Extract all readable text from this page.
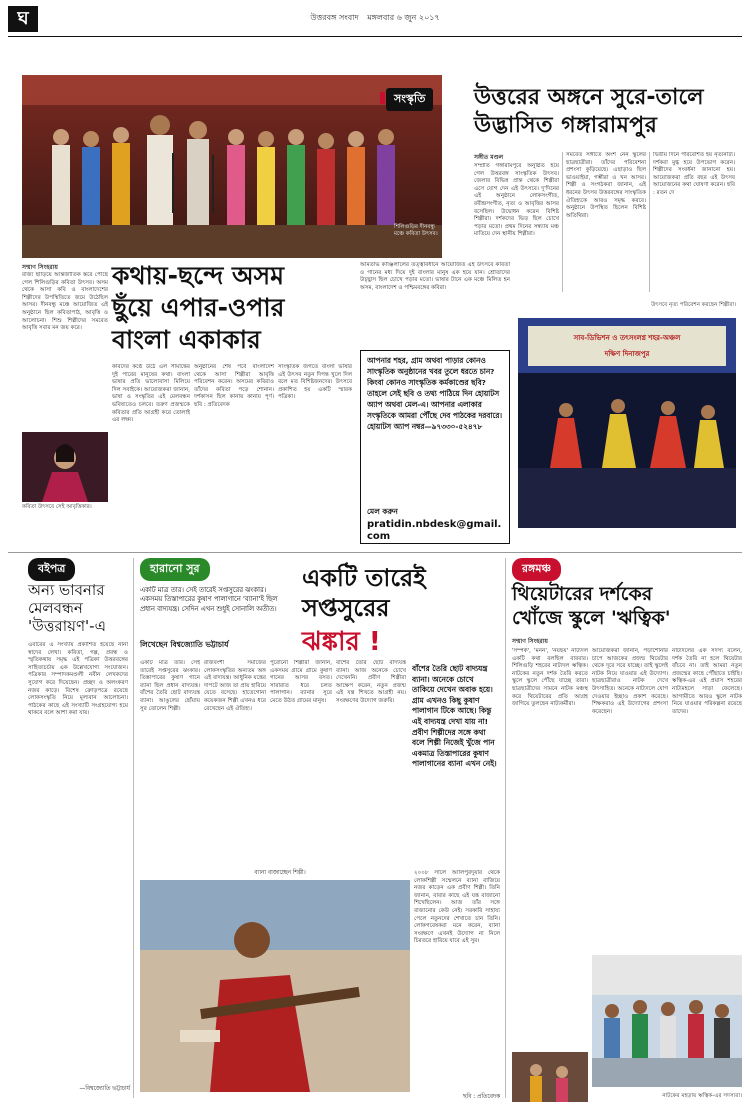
ঘ	উত্তরবঙ্গ সংবাদ মঙ্গলবার ৬ জুন ২০১৭
শিলিগুড়ির দীনবন্ধু মঞ্চে কবিতা উৎসব।
সংস্কৃতি	উত্তরের অঙ্গনে সুরে-তালে
উদ্ভাসিত গঙ্গারামপুর
সঙ্গীত মণ্ডল
সম্প্রতি গঙ্গারামপুরে অনুষ্ঠিত হয়ে গেল উত্তরবঙ্গ সাংস্কৃতিক উৎসব। জেলার বিভিন্ন প্রান্ত থেকে শিল্পীরা এসে যোগ দেন এই উৎসবে। দু'দিনের এই অনুষ্ঠানে লোকসংগীত, রবীন্দ্রসংগীত, নৃত্য ও আবৃত্তির আসর বসেছিল। উদ্বোধন করেন বিশিষ্ট শিল্পীরা। দর্শকদের ভিড় ছিল চোখে পড়ার মতো। প্রথম দিনের সন্ধ্যায় মঞ্চ মাতিয়ে দেন স্থানীয় শিল্পীরা।
সমবেত সঙ্গীতে অংশ নেন স্কুলের ছাত্রছাত্রীরা। তাঁদের পরিবেশনা প্রশংসা কুড়িয়েছে। এছাড়াও ছিল ভাওয়াইয়া, গম্ভীরা ও খন আসর। শিল্পী ও সংগঠকরা জানান, এই ধরনের উৎসব উত্তরবঙ্গের সাংস্কৃতিক ঐতিহ্যকে আরও সমৃদ্ধ করবে। অনুষ্ঠানে উপস্থিত ছিলেন বিশিষ্ট অতিথিরা।
দ্বিতীয় দিনে পরিবেশিত হয় নৃত্যনাট্য। দর্শকরা মুগ্ধ হয়ে উপভোগ করেন। শিল্পীদের সংবর্ধনা জানানো হয়। আয়োজকরা প্রতি বছর এই উৎসব আয়োজনের কথা ঘোষণা করেন। ছবি : রতন দে
সাব-ডিভিশন ও তৎসংলগ্ন শহর-অঞ্চল
দক্ষিণ দিনাজপুর
উৎসবে নৃত্য পরিবেশন করছেন শিল্পীরা।
সন্মাণ সিংহরায় কথায়-ছন্দে অসম
ছুঁয়ে এপার-ওপার
বাংলা একাকার
রাজ্য ছাড়িয়ে আন্তর্জাতিক স্তরে পৌঁছে গেল শিলিগুড়ির কবিতা উৎসব। অসম থেকে আসা কবি ও বাংলাদেশের শিল্পীদের উপস্থিতিতে জমে উঠেছিল আসর। দীনবন্ধু মঞ্চে আয়োজিত এই অনুষ্ঠানে ছিল কবিতাপাঠ, আবৃত্তি ও আলোচনা। শিশু শিল্পীদের সমবেত আবৃত্তি সবার মন জয় করে।
কবিতা উৎসবে সেই আবৃত্তিকার।
কবিদের কণ্ঠে উঠে এল সীমান্তের দুই পারের মানুষের কথা। বাংলা ভাষার প্রতি ভালোবাসা মিলিয়ে দিল সবাইকে। আয়োজকরা জানান, ভাষা ও সংস্কৃতির এই মেলবন্ধন ভবিষ্যতেও চলবে। তরুণ প্রজন্মকে কবিতার প্রতি আগ্রহী করে তোলাই এর লক্ষ্য।
অনুষ্ঠানের শেষ পর্বে বাংলাদেশ থেকে আসা শিল্পীরা আবৃত্তি পরিবেশন করেন। অসমের কবিরাও তাঁদের কবিতা পড়ে শোনান। দর্শকাসন ছিল কানায় কানায় পূর্ণ। ছবি : প্রতিবেদক
সাংস্কৃতিক জগতে বাংলা ভাষার এই উৎসব নতুন দিগন্ত খুলে দিল বলে মত বিশিষ্টজনদের। উৎসবে প্রকাশিত হয় একটি স্মারক পত্রিকা।
আপনার শহর, গ্রাম অথবা পাড়ার কোনও সাংস্কৃতিক অনুষ্ঠানের খবর তুলে ধরতে চান? কিংবা কোনও সাংস্কৃতিক কর্মকাণ্ডের ছবি? তাহলে সেই ছবি ও তথ্য পাঠিয়ে দিন হোয়াটস অ্যাপ অথবা মেল-এ। আপনার এলাকার সংস্কৃতিকে আমরা পৌঁছে দেব পাঠকের দরবারে। হোয়াটস অ্যাপ নম্বর—৯৭৩৩০-৫২৪৭৮
মেল করুন
pratidin.nbdesk@gmail.com
অমিতাভ কাঞ্জিলালের তত্ত্বাবধানে আয়োজিত এই উৎসবে কবিতা ও গানের মধ্য দিয়ে দুই বাংলার মানুষ এক হয়ে যান। শ্রোতাদের উচ্ছ্বাস ছিল চোখে পড়ার মতো। ভাষার টানে এক মঞ্চে মিলিত হন অসম, বাংলাদেশ ও পশ্চিমবঙ্গের কবিরা।
বইপত্র
অন্য ভাবনার
মেলবন্ধন
'উত্তরায়ণ'-এ
এবারের এ সংখ্যায় প্রকাশিত হয়েছে নানা স্বাদের লেখা। কবিতা, গল্প, প্রবন্ধ ও স্মৃতিকথায় সমৃদ্ধ এই পত্রিকা উত্তরবঙ্গের সাহিত্যচর্চায় এক উল্লেখযোগ্য সংযোজন। পত্রিকার সম্পাদকমণ্ডলী নবীন লেখকদের সুযোগ করে দিয়েছেন। প্রচ্ছদ ও অলংকরণ নজর কাড়ে। বিশেষ ক্রোড়পত্রে রয়েছে লোকসংস্কৃতি নিয়ে মূল্যবান আলোচনা। পাঠকের কাছে এই সংখ্যাটি সংগ্রহযোগ্য হয়ে থাকবে বলে আশা করা যায়।
—বিশ্বজ্যোতি ভট্টাচার্য
হারানো সুর
একটি মাত্র তার। সেই তারেই সপ্তসুরের ঝংকার। একসময় তিস্তাপারের কুষাণ পালাগানে 'ব্যানা'ই ছিল প্রধান বাদ্যযন্ত্র। সেদিন এখন শুধুই সোনালি অতীত।
লিখেছেন বিশ্বজ্যোতি ভট্টাচার্য
একটি তারেই
সপ্তসুরের
ঝঙ্কার !
একটি মাত্র তার। সেই তারেই সপ্তসুরের ঝংকার। তিস্তাপারের কুষাণ গানে ব্যানা ছিল প্রধান বাদ্যযন্ত্র। বাঁশের তৈরি ছোট বাদ্যযন্ত্র ব্যানা। আঙুলের ছোঁয়ায় সুর তোলেন শিল্পী।
রাজবংশী সমাজের লোকসংস্কৃতির অন্যতম অঙ্গ এই বাদ্যযন্ত্র। আধুনিক যন্ত্রের দাপটে আজ তা প্রায় হারিয়ে যেতে বসেছে। হাতেগোনা কয়েকজন শিল্পী এখনও ধরে রেখেছেন এই ঐতিহ্য।
পুরোনো শিল্পীরা জানান, একসময় গ্রামে গ্রামে কুষাণ গানের আসর বসত। সারারাত ধরে চলত পালাগান। ব্যানার সুরে মেতে উঠত গ্রামের মানুষ।
বাঁশের তৈরি ছোট বাদ্যযন্ত্র ব্যানা। আজ অনেকে চোখে দেখেননি। প্রবীণ শিল্পীরা আক্ষেপ করেন, নতুন প্রজন্ম এই যন্ত্র শিখতে আগ্রহী নয়। সংরক্ষণের উদ্যোগ জরুরি।
বাঁশের তৈরি ছোট বাদ্যযন্ত্র ব্যানা। অনেকে চোখে তাকিয়ে দেখেন অবাক হয়ে। গ্রাম এখনও কিছু কুষাণ পালাগান টিকে আছে। কিন্তু এই বাদ্যযন্ত্র দেখা যায় না! প্রবীণ শিল্পীদের সঙ্গে কথা বলে শিল্পী নিজেই খুঁজে পান একমাত্র তিস্তাপারের কুষাণ পালাগানের ব্যানা এখন নেই।
ব্যানা বাজাচ্ছেন শিল্পী।	২০০৮ সালে আলিপুরদুয়ার থেকে লোকশিল্পী সম্মেলনে ব্যানা বাজিয়ে নজর কাড়েন এক প্রবীণ শিল্পী। তিনি জানান, বাবার কাছে এই যন্ত্র বাজানো শিখেছিলেন। আজ তাঁর সঙ্গে বাজানোর কেউ নেই। সরকারি সাহায্য পেলে নতুনদের শেখাতে চান তিনি। লোকগবেষকরা মনে করেন, ব্যানা সংরক্ষণে এখনই উদ্যোগ না নিলে চিরতরে হারিয়ে যাবে এই সুর।
ছবি : প্রতিবেদক
রঙ্গমঞ্চ
থিয়েটারের দর্শকের
খোঁজে স্কুলে 'ঋত্বিক'
সন্মাণ সিংহরায়
'সম্পর্ক', 'মনন', 'নয়ছয়' নাট্যদল একটি কথা বলছিল বারবার। শিলিগুড়ি শহরের নাট্যদল ঋত্বিক। নাটকের নতুন দর্শক তৈরি করতে স্কুলে স্কুলে পৌঁছে যাচ্ছে তারা। ছাত্রছাত্রীদের সামনে নাটক মঞ্চস্থ করে থিয়েটারের প্রতি আগ্রহ জাগিয়ে তুলছেন নাট্যকর্মীরা।
আয়োজকরা জানান, পড়াশোনার চাপে আজকের প্রজন্ম থিয়েটার থেকে দূরে সরে যাচ্ছে। তাই স্কুলেই নাটক নিয়ে যাওয়ার এই উদ্যোগ। ছাত্রছাত্রীরাও নাটক দেখে উৎসাহিত। অনেকে নাট্যদলে যোগ দেওয়ার ইচ্ছাও প্রকাশ করেছে। শিক্ষকরাও এই উদ্যোগের প্রশংসা করেছেন।
নাট্যদলের এক সদস্য বলেন, দর্শক তৈরি না হলে থিয়েটার বাঁচবে না। তাই আমরা নতুন প্রজন্মের কাছে পৌঁছাতে চাইছি। ঋত্বিক-এর এই প্রয়াস শহরের নাট্যমহলে সাড়া ফেলেছে। আগামীতে আরও স্কুলে নাটক নিয়ে যাওয়ার পরিকল্পনা রয়েছে তাদের।
নাটকের মহড়ায় ঋত্বিক-এর সদস্যরা।
